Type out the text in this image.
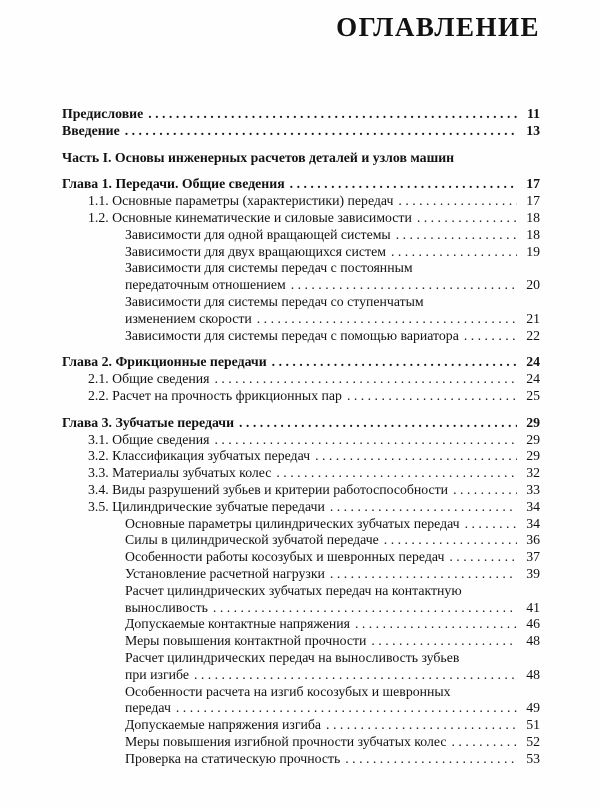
ОГЛАВЛЕНИЕ
Предисловие . . .	11
Введение . . .	13
Часть I. Основы инженерных расчетов деталей и узлов машин
Глава 1. Передачи. Общие сведения . . .	17
1.1. Основные параметры (характеристики) передач . . .	17
1.2. Основные кинематические и силовые зависимости . . .	18
Зависимости для одной вращающей системы . . .	18
Зависимости для двух вращающихся систем . . .	19
Зависимости для системы передач с постоянным
передаточным отношением . . .	20
Зависимости для системы передач со ступенчатым
изменением скорости . . .	21
Зависимости для системы передач с помощью вариатора . . .	22
Глава 2. Фрикционные передачи . . .	24
2.1. Общие сведения . . .	24
2.2. Расчет на прочность фрикционных пар . . .	25
Глава 3. Зубчатые передачи . . .	29
3.1. Общие сведения . . .	29
3.2. Классификация зубчатых передач . . .	29
3.3. Материалы зубчатых колес . . .	32
3.4. Виды разрушений зубьев и критерии работоспособности . . .	33
3.5. Цилиндрические зубчатые передачи . . .	34
Основные параметры цилиндрических зубчатых передач . . .	34
Силы в цилиндрической зубчатой передаче . . .	36
Особенности работы косозубых и шевронных передач . . .	37
Установление расчетной нагрузки . . .	39
Расчет цилиндрических зубчатых передач на контактную
выносливость . . .	41
Допускаемые контактные напряжения . . .	46
Меры повышения контактной прочности . . .	48
Расчет цилиндрических передач на выносливость зубьев
при изгибе . . .	48
Особенности расчета на изгиб косозубых и шевронных
передач . . .	49
Допускаемые напряжения изгиба . . .	51
Меры повышения изгибной прочности зубчатых колес . . .	52
Проверка на статическую прочность . . .	53
